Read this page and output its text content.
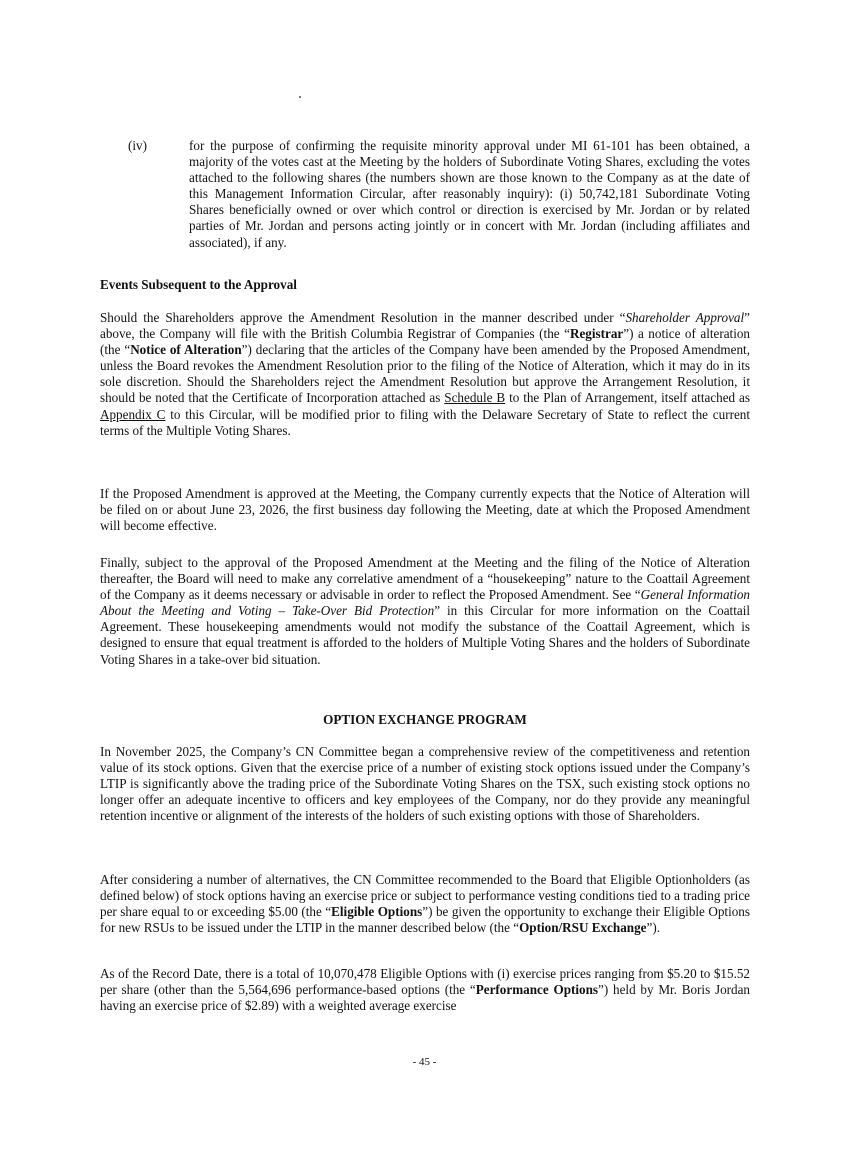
(iv)	for the purpose of confirming the requisite minority approval under MI 61-101 has been obtained, a majority of the votes cast at the Meeting by the holders of Subordinate Voting Shares, excluding the votes attached to the following shares (the numbers shown are those known to the Company as at the date of this Management Information Circular, after reasonably inquiry): (i) 50,742,181 Subordinate Voting Shares beneficially owned or over which control or direction is exercised by Mr. Jordan or by related parties of Mr. Jordan and persons acting jointly or in concert with Mr. Jordan (including affiliates and associated), if any.

Events Subsequent to the Approval

Should the Shareholders approve the Amendment Resolution in the manner described under “Shareholder Approval” above, the Company will file with the British Columbia Registrar of Companies (the “Registrar”) a notice of alteration (the “Notice of Alteration”) declaring that the articles of the Company have been amended by the Proposed Amendment, unless the Board revokes the Amendment Resolution prior to the filing of the Notice of Alteration, which it may do in its sole discretion. Should the Shareholders reject the Amendment Resolution but approve the Arrangement Resolution, it should be noted that the Certificate of Incorporation attached as Schedule B to the Plan of Arrangement, itself attached as Appendix C to this Circular, will be modified prior to filing with the Delaware Secretary of State to reflect the current terms of the Multiple Voting Shares.

If the Proposed Amendment is approved at the Meeting, the Company currently expects that the Notice of Alteration will be filed on or about June 23, 2026, the first business day following the Meeting, date at which the Proposed Amendment will become effective.

Finally, subject to the approval of the Proposed Amendment at the Meeting and the filing of the Notice of Alteration thereafter, the Board will need to make any correlative amendment of a “housekeeping” nature to the Coattail Agreement of the Company as it deems necessary or advisable in order to reflect the Proposed Amendment. See “General Information About the Meeting and Voting – Take-Over Bid Protection” in this Circular for more information on the Coattail Agreement. These housekeeping amendments would not modify the substance of the Coattail Agreement, which is designed to ensure that equal treatment is afforded to the holders of Multiple Voting Shares and the holders of Subordinate Voting Shares in a take-over bid situation.

OPTION EXCHANGE PROGRAM

In November 2025, the Company’s CN Committee began a comprehensive review of the competitiveness and retention value of its stock options. Given that the exercise price of a number of existing stock options issued under the Company’s LTIP is significantly above the trading price of the Subordinate Voting Shares on the TSX, such existing stock options no longer offer an adequate incentive to officers and key employees of the Company, nor do they provide any meaningful retention incentive or alignment of the interests of the holders of such existing options with those of Shareholders.

After considering a number of alternatives, the CN Committee recommended to the Board that Eligible Optionholders (as defined below) of stock options having an exercise price or subject to performance vesting conditions tied to a trading price per share equal to or exceeding $5.00 (the “Eligible Options”) be given the opportunity to exchange their Eligible Options for new RSUs to be issued under the LTIP in the manner described below (the “Option/RSU Exchange”).

As of the Record Date, there is a total of 10,070,478 Eligible Options with (i) exercise prices ranging from $5.20 to $15.52 per share (other than the 5,564,696 performance-based options (the “Performance Options”) held by Mr. Boris Jordan having an exercise price of $2.89) with a weighted average exercise

- 45 -
